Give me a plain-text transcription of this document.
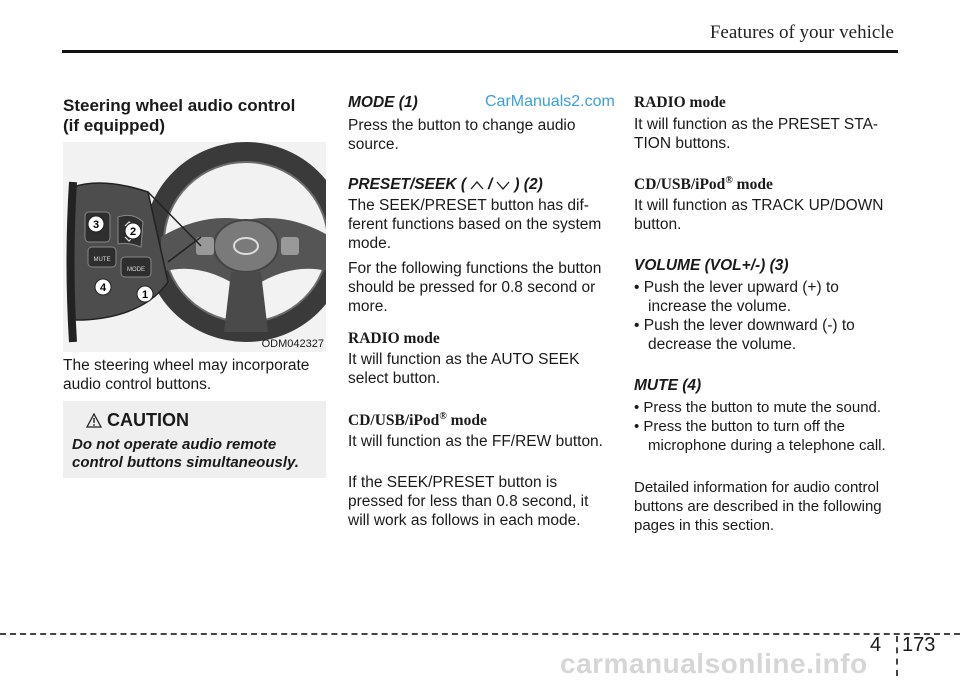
Features of your vehicle
Steering wheel audio control
(if equipped)
MUTE
MODE
3
2
4
1
ODM042327
The steering wheel may incorporate
audio control buttons.
CAUTION
Do not operate audio remote
control buttons simultaneously.
MODE (1)	CarManuals2.com
Press the button to change audio
source.
PRESET/SEEK ( / ) (2)
The SEEK/PRESET button has dif-
ferent functions based on the system
mode.
For the following functions the button
should be pressed for 0.8 second or
more.
RADIO mode
It will function as the AUTO SEEK
select button.
CD/USB/iPod® mode
It will function as the FF/REW button.
If the SEEK/PRESET button is
pressed for less than 0.8 second, it
will work as follows in each mode.
RADIO mode
It will function as the PRESET STA-
TION buttons.
CD/USB/iPod® mode
It will function as TRACK UP/DOWN
button.
VOLUME (VOL+/-) (3)
• Push the lever upward (+) to
increase the volume.
• Push the lever downward (-) to
decrease the volume.
MUTE (4)
• Press the button to mute the sound.
• Press the button to turn off the
microphone during a telephone call.
Detailed information for audio control
buttons are described in the following
pages in this section.
4 173
carmanualsonline.info
